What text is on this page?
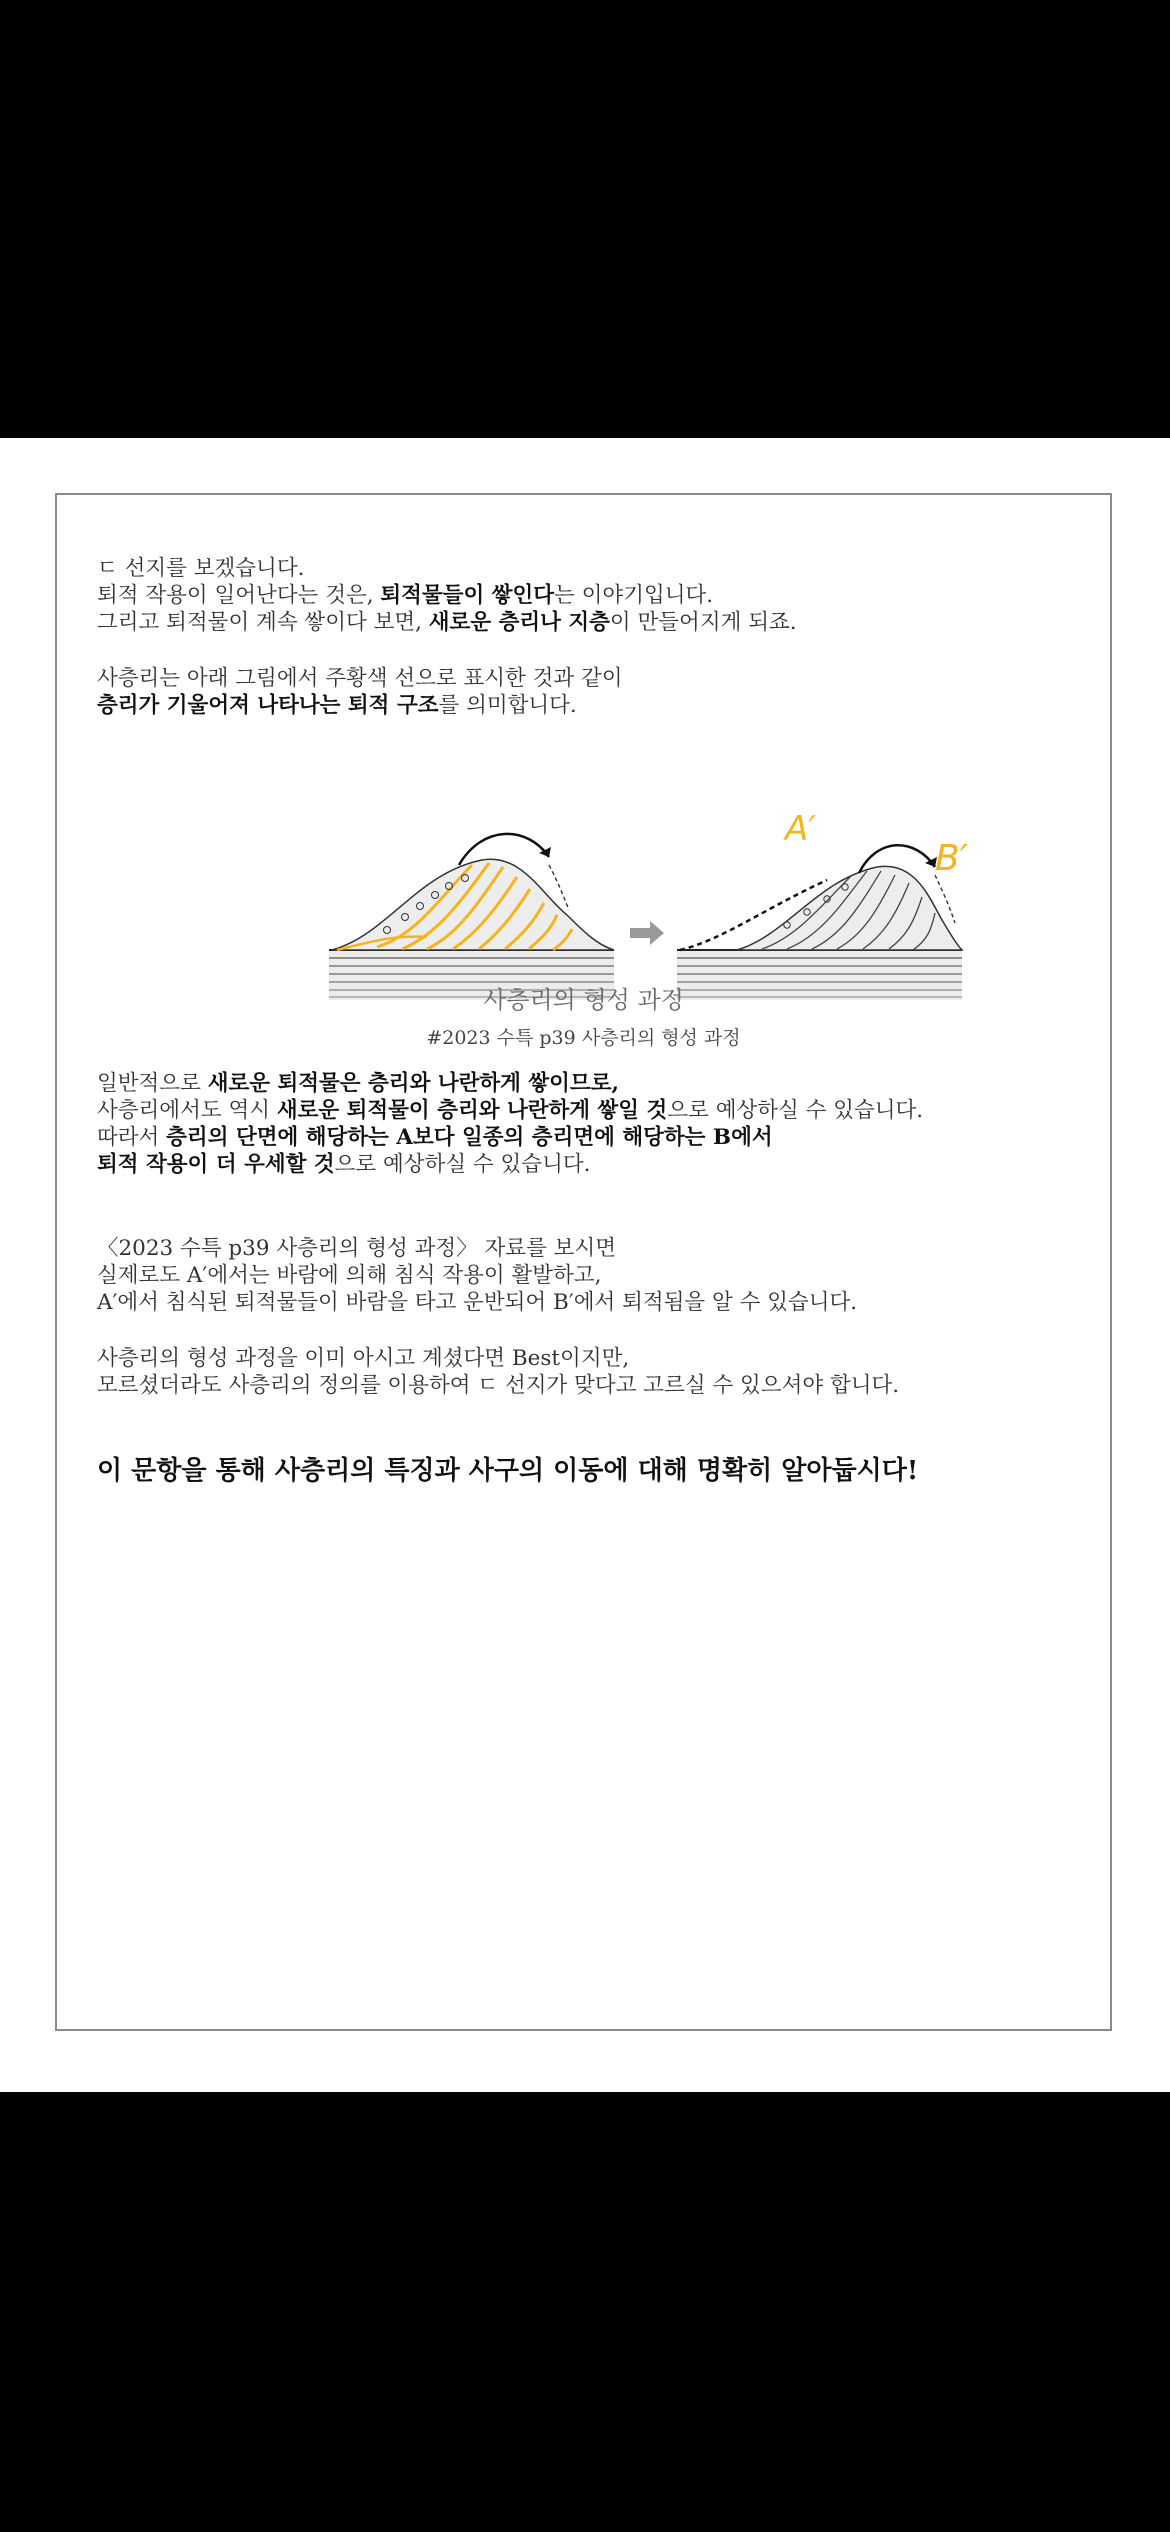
ㄷ 선지를 보겠습니다.
퇴적 작용이 일어난다는 것은, 퇴적물들이 쌓인다는 이야기입니다.
그리고 퇴적물이 계속 쌓이다 보면, 새로운 층리나 지층이 만들어지게 되죠.
사층리는 아래 그림에서 주황색 선으로 표시한 것과 같이
층리가 기울어져 나타나는 퇴적 구조를 의미합니다.
A′
B′
사층리의 형성 과정
#2023 수특 p39 사층리의 형성 과정
일반적으로 새로운 퇴적물은 층리와 나란하게 쌓이므로,
사층리에서도 역시 새로운 퇴적물이 층리와 나란하게 쌓일 것으로 예상하실 수 있습니다.
따라서 층리의 단면에 해당하는 A보다 일종의 층리면에 해당하는 B에서
퇴적 작용이 더 우세할 것으로 예상하실 수 있습니다.
〈2023 수특 p39 사층리의 형성 과정〉 자료를 보시면
실제로도 A′에서는 바람에 의해 침식 작용이 활발하고,
A′에서 침식된 퇴적물들이 바람을 타고 운반되어 B′에서 퇴적됨을 알 수 있습니다.
사층리의 형성 과정을 이미 아시고 계셨다면 Best이지만,
모르셨더라도 사층리의 정의를 이용하여 ㄷ 선지가 맞다고 고르실 수 있으셔야 합니다.
이 문항을 통해 사층리의 특징과 사구의 이동에 대해 명확히 알아둡시다!
